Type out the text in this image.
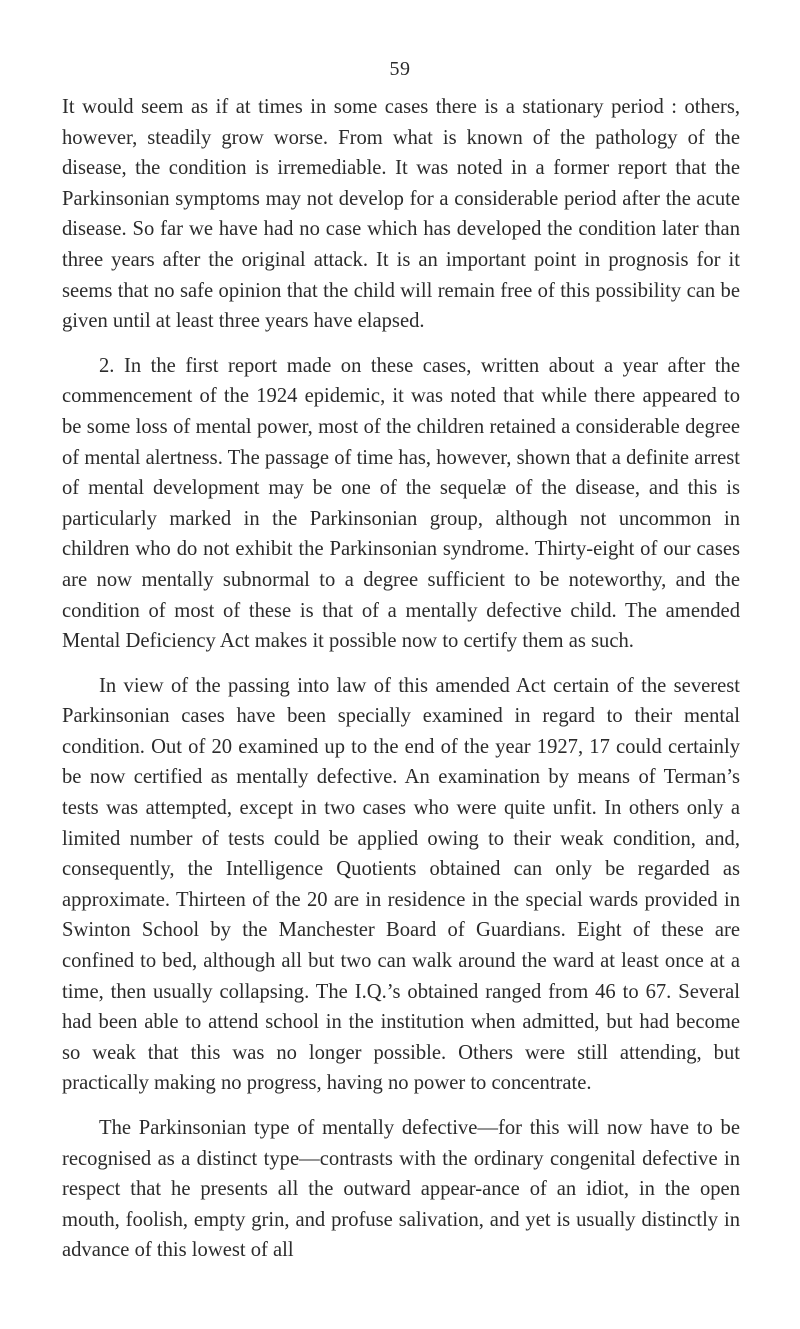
59

It would seem as if at times in some cases there is a stationary period : others, however, steadily grow worse. From what is known of the pathology of the disease, the condition is irremediable. It was noted in a former report that the Parkinsonian symptoms may not develop for a considerable period after the acute disease. So far we have had no case which has developed the condition later than three years after the original attack. It is an important point in prognosis for it seems that no safe opinion that the child will remain free of this possibility can be given until at least three years have elapsed.

2. In the first report made on these cases, written about a year after the commencement of the 1924 epidemic, it was noted that while there appeared to be some loss of mental power, most of the children retained a considerable degree of mental alertness. The passage of time has, however, shown that a definite arrest of mental development may be one of the sequelæ of the disease, and this is particularly marked in the Parkinsonian group, although not uncommon in children who do not exhibit the Parkinsonian syndrome. Thirty-eight of our cases are now mentally subnormal to a degree sufficient to be noteworthy, and the condition of most of these is that of a mentally defective child. The amended Mental Deficiency Act makes it possible now to certify them as such.

In view of the passing into law of this amended Act certain of the severest Parkinsonian cases have been specially examined in regard to their mental condition. Out of 20 examined up to the end of the year 1927, 17 could certainly be now certified as mentally defective. An examination by means of Terman’s tests was attempted, except in two cases who were quite unfit. In others only a limited number of tests could be applied owing to their weak condition, and, consequently, the Intelligence Quotients obtained can only be regarded as approximate. Thirteen of the 20 are in residence in the special wards provided in Swinton School by the Manchester Board of Guardians. Eight of these are confined to bed, although all but two can walk around the ward at least once at a time, then usually collapsing. The I.Q.’s obtained ranged from 46 to 67. Several had been able to attend school in the institution when admitted, but had become so weak that this was no longer possible. Others were still attending, but practically making no progress, having no power to concentrate.

The Parkinsonian type of mentally defective—for this will now have to be recognised as a distinct type—contrasts with the ordinary congenital defective in respect that he presents all the outward appear-ance of an idiot, in the open mouth, foolish, empty grin, and profuse salivation, and yet is usually distinctly in advance of this lowest of all
